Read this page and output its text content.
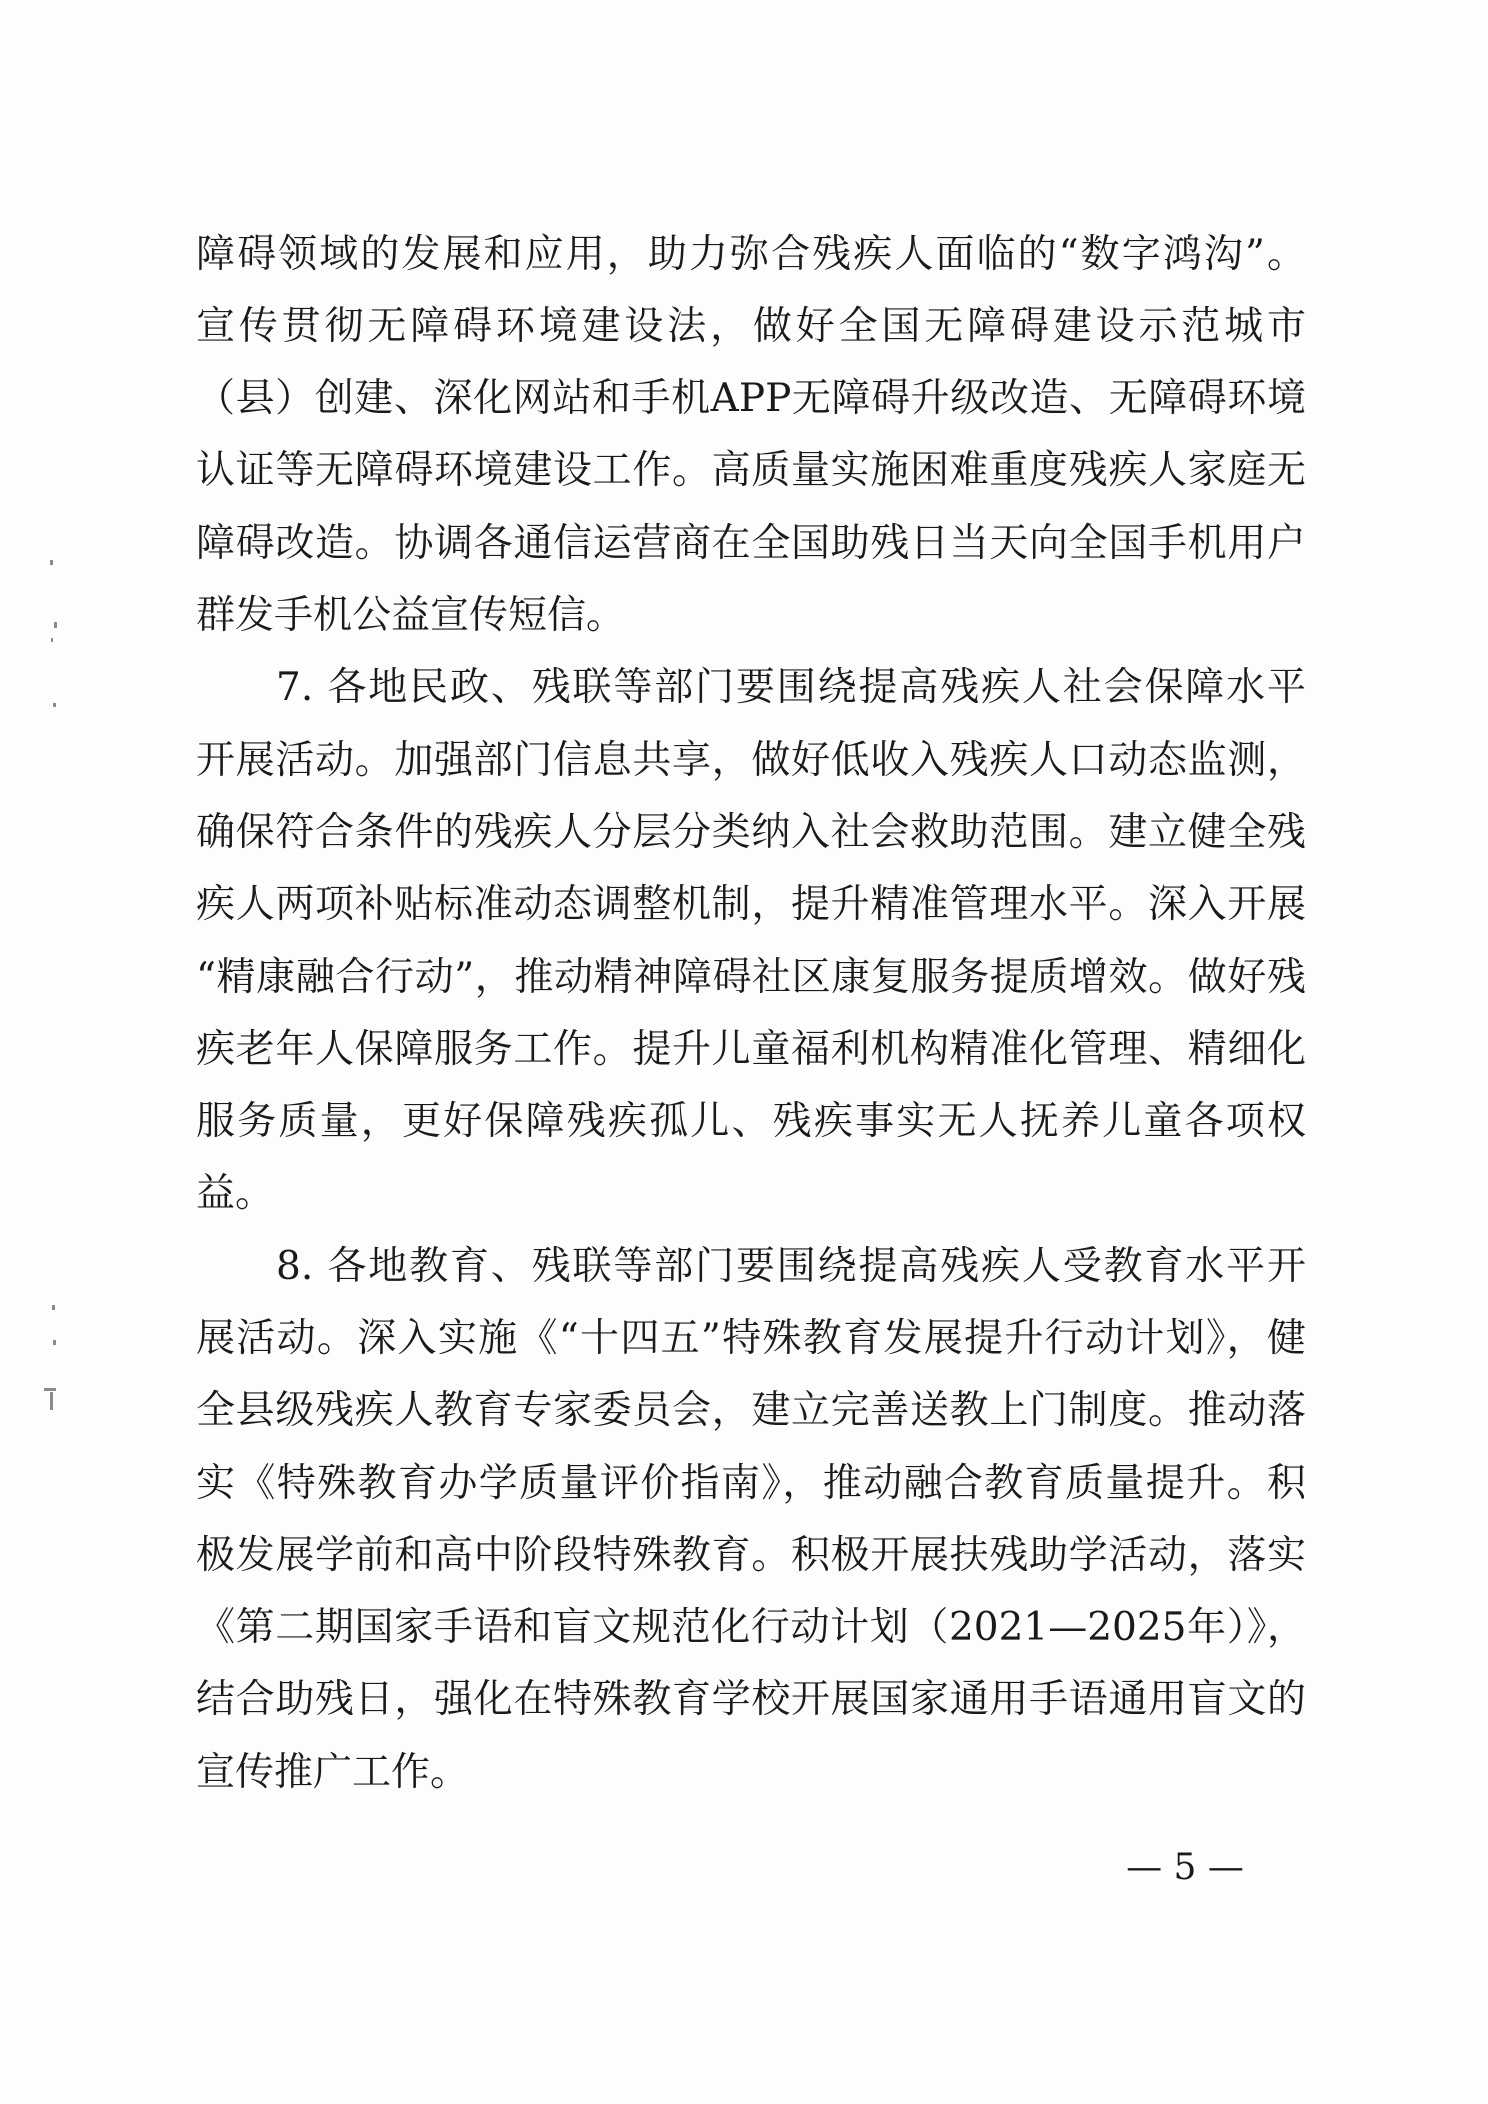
障碍领域的发展和应用，助力弥合残疾人面临的“数字鸿沟”。
宣传贯彻无障碍环境建设法，做好全国无障碍建设示范城市
（县）创建、深化网站和手机APP无障碍升级改造、无障碍环境
认证等无障碍环境建设工作。高质量实施困难重度残疾人家庭无
障碍改造。协调各通信运营商在全国助残日当天向全国手机用户
群发手机公益宣传短信。
7. 各地民政、残联等部门要围绕提高残疾人社会保障水平
开展活动。加强部门信息共享，做好低收入残疾人口动态监测，
确保符合条件的残疾人分层分类纳入社会救助范围。建立健全残
疾人两项补贴标准动态调整机制，提升精准管理水平。深入开展
“精康融合行动”，推动精神障碍社区康复服务提质增效。做好残
疾老年人保障服务工作。提升儿童福利机构精准化管理、精细化
服务质量，更好保障残疾孤儿、残疾事实无人抚养儿童各项权
益。
8. 各地教育、残联等部门要围绕提高残疾人受教育水平开
展活动。深入实施《“十四五”特殊教育发展提升行动计划》，健
全县级残疾人教育专家委员会，建立完善送教上门制度。推动落
实《特殊教育办学质量评价指南》，推动融合教育质量提升。积
极发展学前和高中阶段特殊教育。积极开展扶残助学活动，落实
《第二期国家手语和盲文规范化行动计划（2021—2025年）》，
结合助残日，强化在特殊教育学校开展国家通用手语通用盲文的
宣传推广工作。
— 5 —
